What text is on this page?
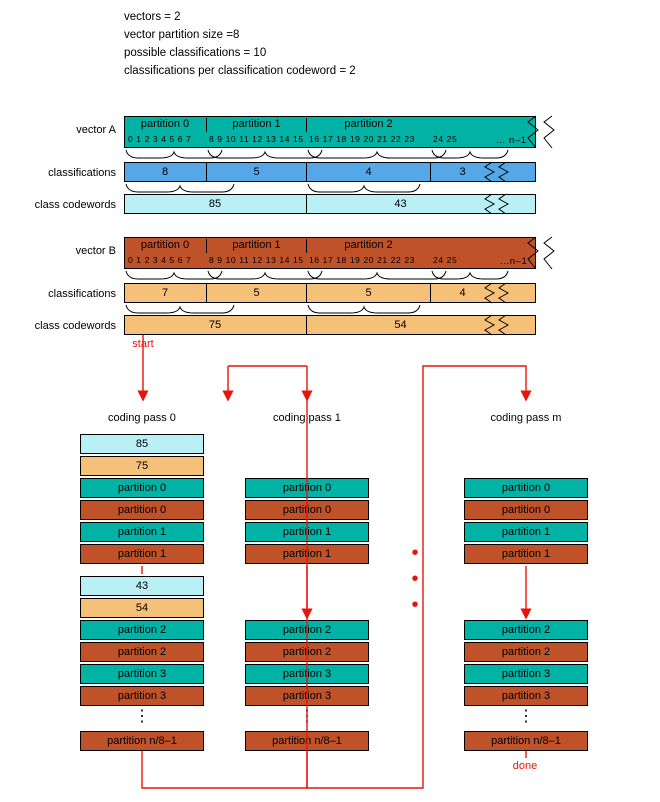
vectors = 2
vector partition size =8
possible classifications = 10
classifications per classification codeword = 2
vector A	partition 0	partition 1	partition 2
0 1 2 3 4 5 6 7 8 9 10 11 12 13 14 15 16 17 18 19 20 21 22 23 24 25	... n–1
classifications	8	5	4	3
class codewords	85	43
vector B	partition 0	partition 1	partition 2
0 1 2 3 4 5 6 7 8 9 10 11 12 13 14 15 16 17 18 19 20 21 22 23 24 25	...n–1
classifications	7	5	5	4
class codewords	75	54
start
done
coding pass 0	coding pass 1	coding pass m
85
75
partition 0
partition 0
partition 1
partition 1
43
54
partition 2
partition 2
partition 3
partition 3
⋮
partition n/8–1
partition 0
partition 0
partition 1
partition 1
partition 2
partition 2
partition 3
partition 3
⋮
partition n/8–1
partition 0
partition 0
partition 1
partition 1
partition 2
partition 2
partition 3
partition 3
⋮
partition n/8–1
•
•
•
